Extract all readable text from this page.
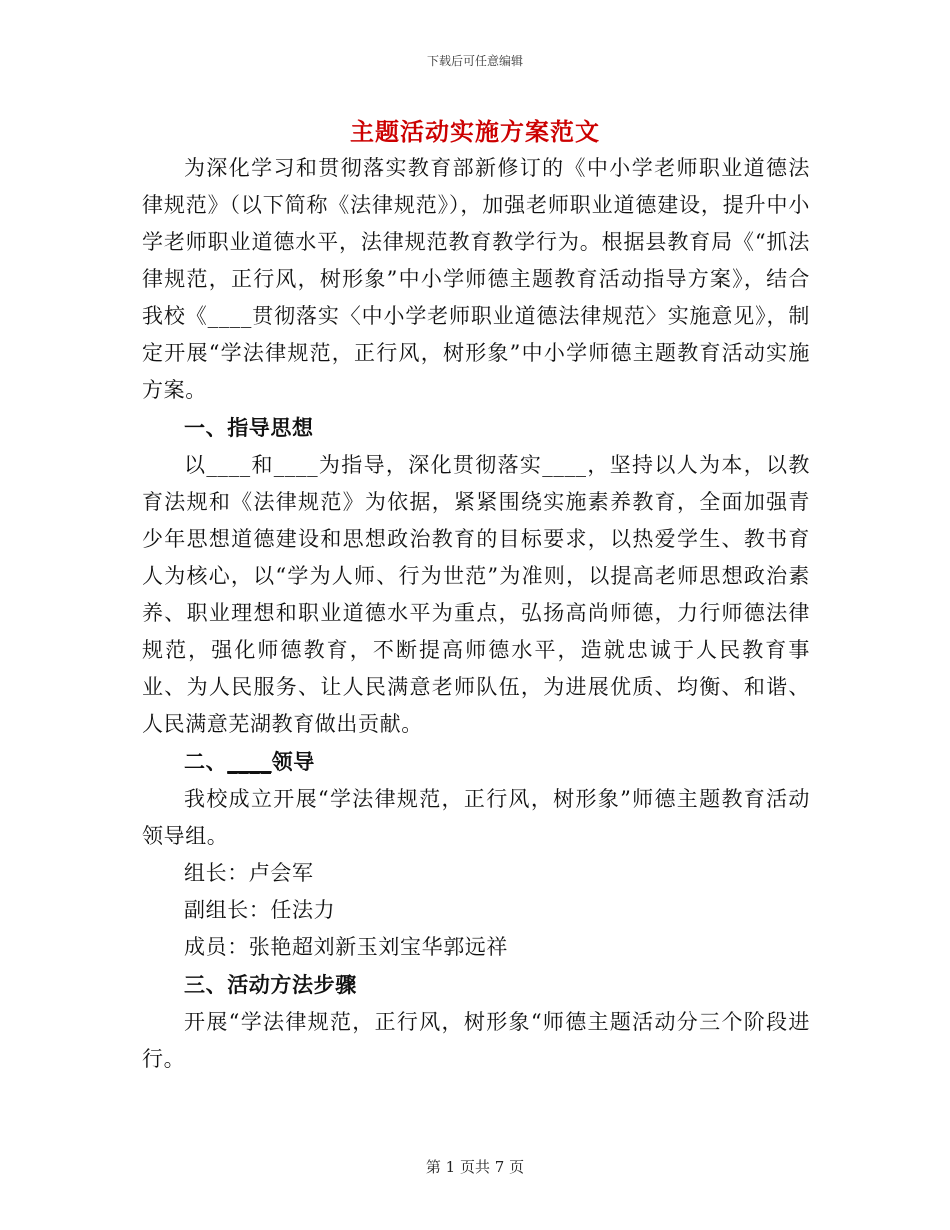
下载后可任意编辑
主题活动实施方案范文

为深化学习和贯彻落实教育部新修订的《中小学老师职业道德法律规范》（以下简称《法律规范》），加强老师职业道德建设，提升中小学老师职业道德水平，法律规范教育教学行为。根据县教育局《“抓法律规范，正行风，树形象”中小学师德主题教育活动指导方案》，结合我校《____贯彻落实〈中小学老师职业道德法律规范〉实施意见》，制定开展“学法律规范，正行风，树形象”中小学师德主题教育活动实施方案。

一、指导思想

以____和____为指导，深化贯彻落实____，坚持以人为本，以教育法规和《法律规范》为依据，紧紧围绕实施素养教育，全面加强青少年思想道德建设和思想政治教育的目标要求，以热爱学生、教书育人为核心，以“学为人师、行为世范”为准则，以提高老师思想政治素养、职业理想和职业道德水平为重点，弘扬高尚师德，力行师德法律规范，强化师德教育，不断提高师德水平，造就忠诚于人民教育事业、为人民服务、让人民满意老师队伍，为进展优质、均衡、和谐、人民满意芜湖教育做出贡献。

二、____领导

我校成立开展“学法律规范，正行风，树形象”师德主题教育活动领导组。

组长：卢会军
副组长：任法力
成员：张艳超刘新玉刘宝华郭远祥
三、活动方法步骤

开展“学法律规范，正行风，树形象“师德主题活动分三个阶段进行。

第 1 页共 7 页
